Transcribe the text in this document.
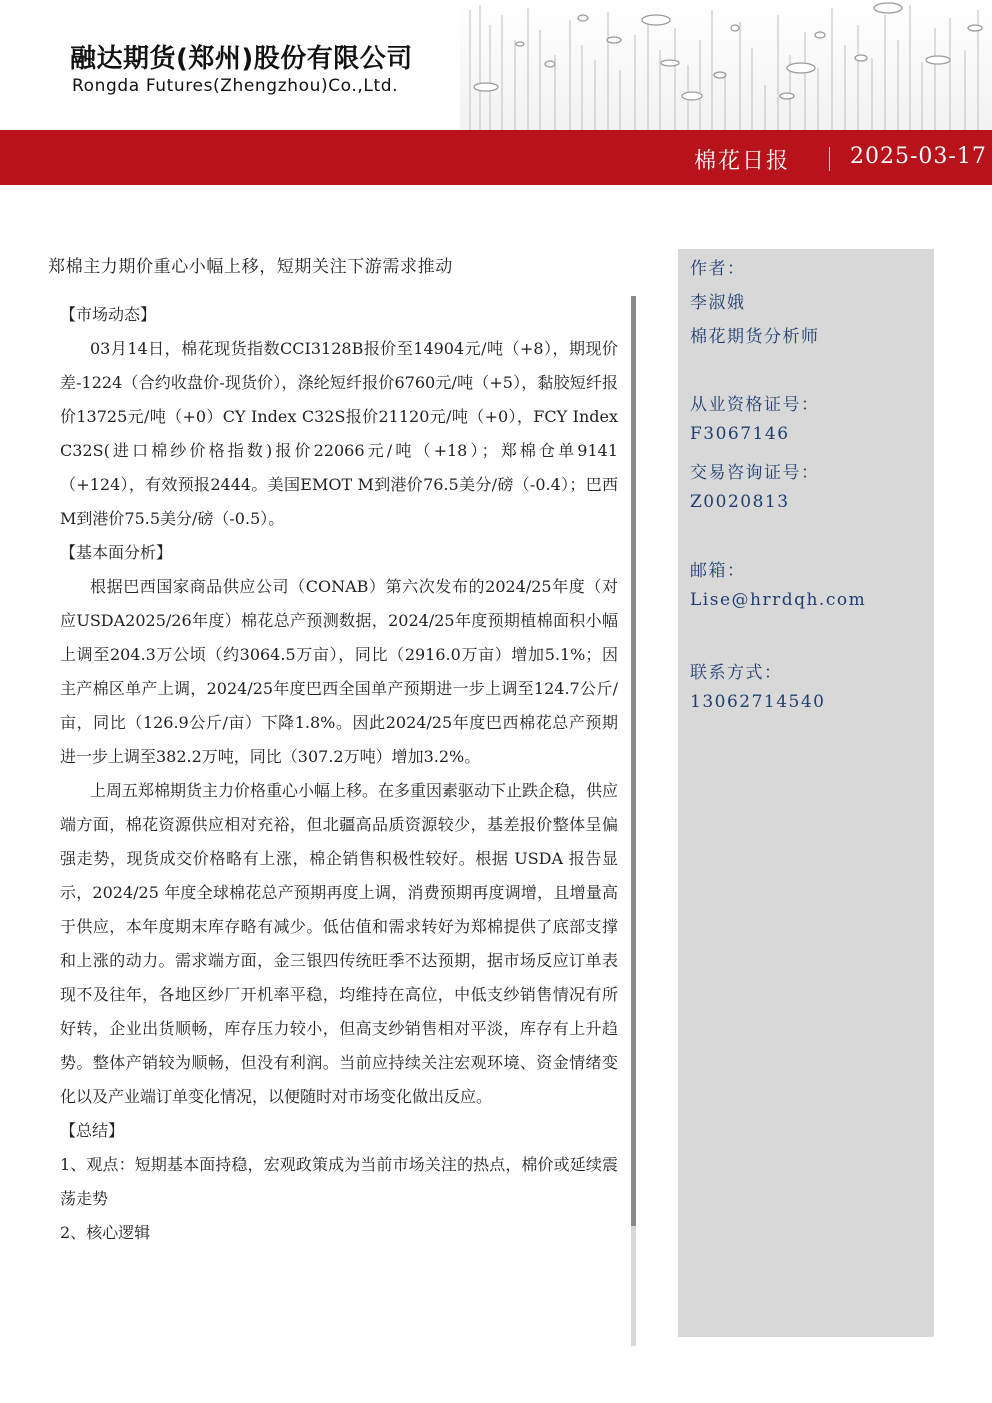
融达期货(郑州)股份有限公司
Rongda Futures(Zhengzhou)Co.,Ltd.
棉花日报	2025-03-17
郑棉主力期价重心小幅上移，短期关注下游需求推动

【市场动态】

03月14日，棉花现货指数CCI3128B报价至14904元/吨（+8），期现价差-1224（合约收盘价-现货价），涤纶短纤报价6760元/吨（+5），黏胶短纤报价13725元/吨（+0）CY Index C32S报价21120元/吨（+0），FCY Index C32S(进口棉纱价格指数)报价22066元/吨（+18）；郑棉仓单9141（+124），有效预报2444。美国EMOT M到港价76.5美分/磅（-0.4）；巴西M到港价75.5美分/磅（-0.5）。

【基本面分析】

根据巴西国家商品供应公司（CONAB）第六次发布的2024/25年度（对应USDA2025/26年度）棉花总产预测数据，2024/25年度预期植棉面积小幅上调至204.3万公顷（约3064.5万亩），同比（2916.0万亩）增加5.1%；因主产棉区单产上调，2024/25年度巴西全国单产预期进一步上调至124.7公斤/亩，同比（126.9公斤/亩）下降1.8%。因此2024/25年度巴西棉花总产预期进一步上调至382.2万吨，同比（307.2万吨）增加3.2%。

上周五郑棉期货主力价格重心小幅上移。在多重因素驱动下止跌企稳，供应端方面，棉花资源供应相对充裕，但北疆高品质资源较少，基差报价整体呈偏强走势，现货成交价格略有上涨，棉企销售积极性较好。根据 USDA 报告显示，2024/25 年度全球棉花总产预期再度上调，消费预期再度调增，且增量高于供应，本年度期末库存略有减少。低估值和需求转好为郑棉提供了底部支撑和上涨的动力。需求端方面，金三银四传统旺季不达预期，据市场反应订单表现不及往年，各地区纱厂开机率平稳，均维持在高位，中低支纱销售情况有所好转，企业出货顺畅，库存压力较小，但高支纱销售相对平淡，库存有上升趋势。整体产销较为顺畅，但没有利润。当前应持续关注宏观环境、资金情绪变化以及产业端订单变化情况，以便随时对市场变化做出反应。

【总结】

1、观点：短期基本面持稳，宏观政策成为当前市场关注的热点，棉价或延续震荡走势

2、核心逻辑

作者：
李淑娥
棉花期货分析师
从业资格证号：
F3067146
交易咨询证号：
Z0020813
邮箱：
Lise@hrrdqh.com
联系方式：
13062714540
